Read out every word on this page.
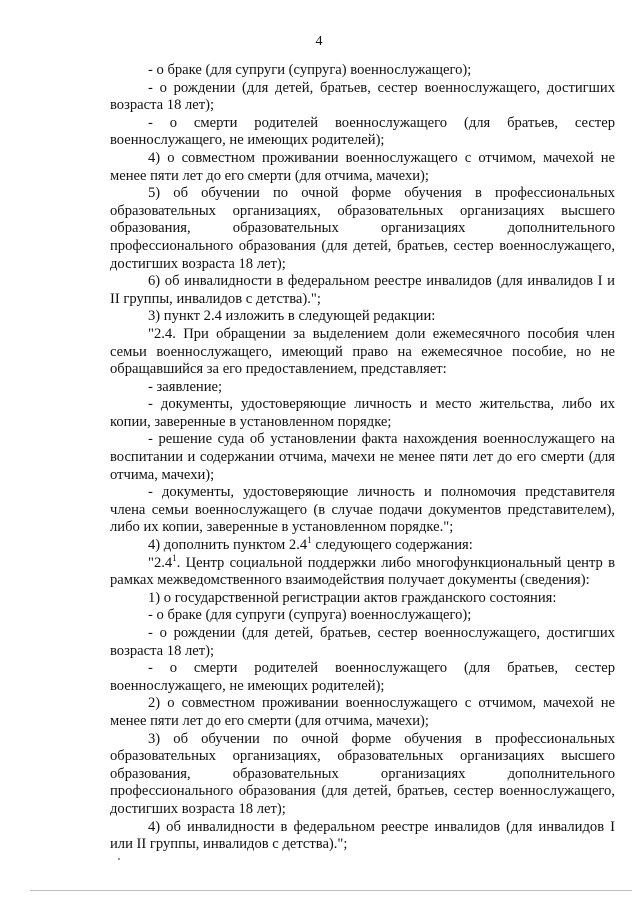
4

- о браке (для супруги (супруга) военнослужащего);

- о рождении (для детей, братьев, сестер военнослужащего, достигших возраста 18 лет);

- о смерти родителей военнослужащего (для братьев, сестер военнослужащего, не имеющих родителей);

4) о совместном проживании военнослужащего с отчимом, мачехой не менее пяти лет до его смерти (для отчима, мачехи);

5) об обучении по очной форме обучения в профессиональных образовательных организациях, образовательных организациях высшего образования, образовательных организациях дополнительного профессионального образования (для детей, братьев, сестер военнослужащего, достигших возраста 18 лет);

6) об инвалидности в федеральном реестре инвалидов (для инвалидов I и II группы, инвалидов с детства).";

3) пункт 2.4 изложить в следующей редакции:

"2.4. При обращении за выделением доли ежемесячного пособия член семьи военнослужащего, имеющий право на ежемесячное пособие, но не обращавшийся за его предоставлением, представляет:

- заявление;

- документы, удостоверяющие личность и место жительства, либо их копии, заверенные в установленном порядке;

- решение суда об установлении факта нахождения военнослужащего на воспитании и содержании отчима, мачехи не менее пяти лет до его смерти (для отчима, мачехи);

- документы, удостоверяющие личность и полномочия представителя члена семьи военнослужащего (в случае подачи документов представителем), либо их копии, заверенные в установленном порядке.";

4) дополнить пунктом $2.4^1$ следующего содержания:

"$2.4^1$. Центр социальной поддержки либо многофункциональный центр в рамках межведомственного взаимодействия получает документы (сведения):

1) о государственной регистрации актов гражданского состояния:

- о браке (для супруги (супруга) военнослужащего);

- о рождении (для детей, братьев, сестер военнослужащего, достигших возраста 18 лет);

- о смерти родителей военнослужащего (для братьев, сестер военнослужащего, не имеющих родителей);

2) о совместном проживании военнослужащего с отчимом, мачехой не менее пяти лет до его смерти (для отчима, мачехи);

3) об обучении по очной форме обучения в профессиональных образовательных организациях, образовательных организациях высшего образования, образовательных организациях дополнительного профессионального образования (для детей, братьев, сестер военнослужащего, достигших возраста 18 лет);

4) об инвалидности в федеральном реестре инвалидов (для инвалидов I или II группы, инвалидов с детства).";
